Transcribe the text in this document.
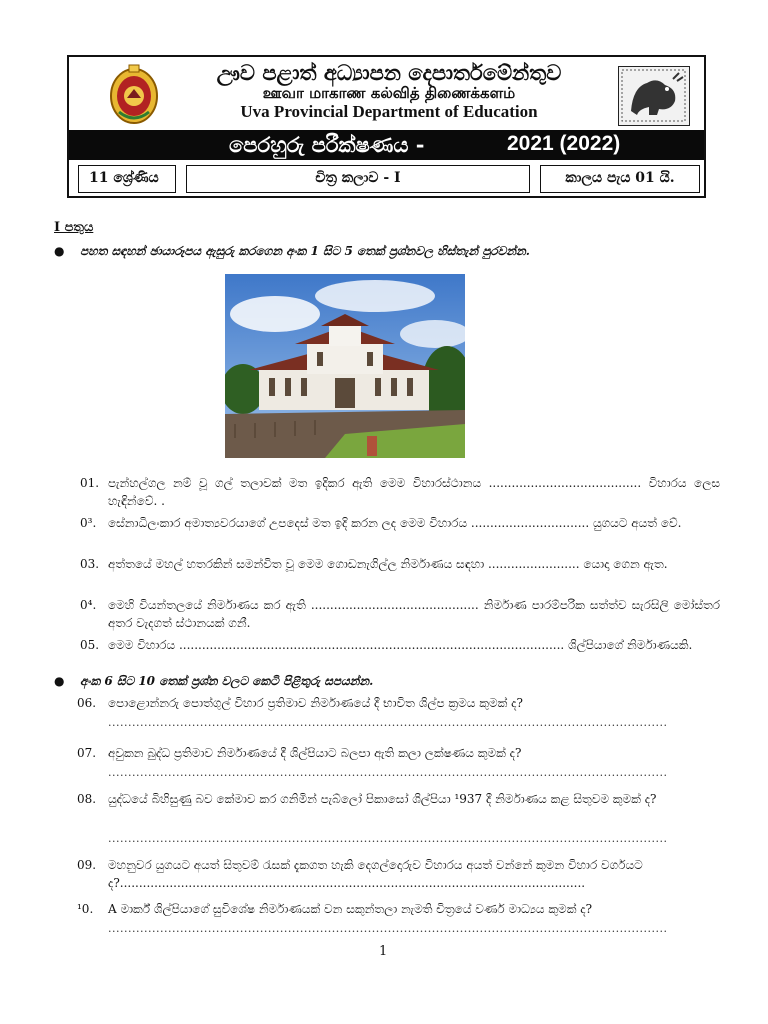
ඌව පළාත් අධ්‍යාපන දෙපාර්තමේන්තුව
ஊவா மாகாண கல்வித் திணைக்களம்
Uva Provincial Department of Education
පෙරහුරු පරීක්ෂණය -	2021 (2022)
11 ශ්‍රේණිය	චිත්‍ර කලාව - I	කාලය පැය 01 යි.
I පතුය
● පහත සඳහන් ඡායාරූපය ඇසුරු කරගෙන අංක 1 සිට 5 තෙක් ප්‍රශ්නවල හිස්තැන් පුරවන්න.
01. පැන්හල්ගල නම් වූ ගල් තලාවක් මත ඉදිකර ඇති මෙම විහාරස්ථානය ........................................ විහාරය ලෙස හැඳින්වේ. .
0³. සේනාධිලංකාර අමාත්‍යවරයාගේ උපදෙස් මත ඉදි කරන ලද මෙම විහාරය ............................... යුගයට අයත් වේ.
03. අත්තයේ මහල් හතරකින් සමන්විත වූ මෙම ගොඩනැගිල්ල නිර්මාණය සඳහා ........................ යොදා ගෙන ඇත.
0⁴. මෙහි වියන්තලයේ නිර්මාණය කර ඇති ............................................ නිර්මාණ පාරම්පරික සත්ත්ව සැරසිලි මෝස්තර අතර වැදගත් ස්ථානයක් ගනී.
05. මෙම විහාරය ..................................................................................................... ශිල්පියාගේ නිර්මාණයකි.
● අංක 6 සිට 10 තෙක් ප්‍රශ්න වලට කෙටි පිළිතුරු සපයන්න.
06. පොළොන්නරු පොත්ගුල් විහාර ප්‍රතිමාව නිර්මාණයේ දී භාවිත ශිල්ප ක්‍රමය කුමක් ද?
............................................................................................................................................
07. අවුකන බුද්ධ ප්‍රතිමාව නිර්මාණයේ දී ශිල්පියාට බලපා ඇති කලා ලක්ෂණය කුමක් ද?
............................................................................................................................................
08. යුද්ධයේ බිහිසුණු බව කේමාව කර ගනිමින් පැබ්ලෝ පිකාසෝ ශිල්පියා ¹937 දී නිර්මාණය කළ සිතුවම කුමක් ද?
............................................................................................................................................
09. මහනුවර යුගයට අයත් සිතුවම් රැසක් දැකගත හැකි දෙගල්දොරුව විහාරය අයත් වන්නේ කුමන විහාර වර්ගයට ද?..........................................................................................................................
¹0. A මාර්ක් ශිල්පියාගේ සුවිශේෂ නිර්මාණයක් වන සකුන්තලා නැමති චිත්‍රයේ වර්ණ මාධ්‍යය කුමක් ද?
............................................................................................................................................
1
